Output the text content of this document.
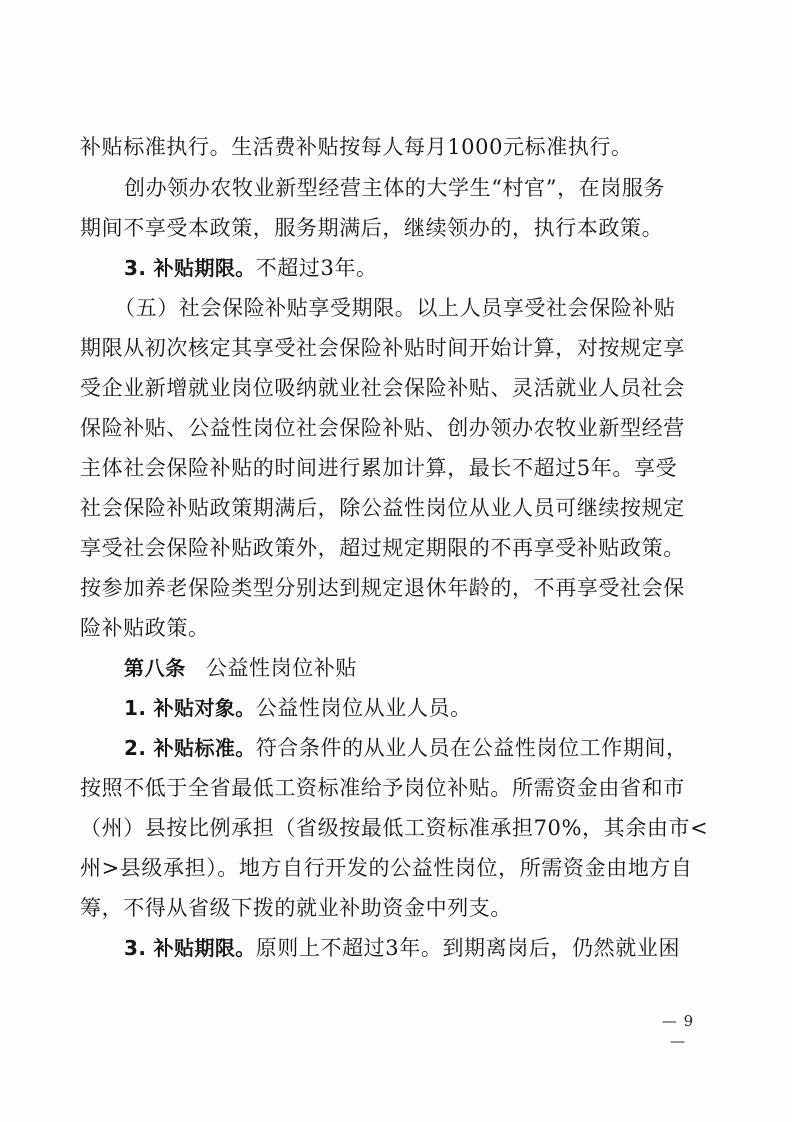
补贴标准执行。生活费补贴按每人每月1000元标准执行。
创办领办农牧业新型经营主体的大学生“村官”，在岗服务
期间不享受本政策，服务期满后，继续领办的，执行本政策。
3. 补贴期限。不超过3年。
（五）社会保险补贴享受期限。以上人员享受社会保险补贴
期限从初次核定其享受社会保险补贴时间开始计算，对按规定享
受企业新增就业岗位吸纳就业社会保险补贴、灵活就业人员社会
保险补贴、公益性岗位社会保险补贴、创办领办农牧业新型经营
主体社会保险补贴的时间进行累加计算，最长不超过5年。享受
社会保险补贴政策期满后，除公益性岗位从业人员可继续按规定
享受社会保险补贴政策外，超过规定期限的不再享受补贴政策。
按参加养老保险类型分别达到规定退休年龄的，不再享受社会保
险补贴政策。
第八条 公益性岗位补贴
1. 补贴对象。公益性岗位从业人员。
2. 补贴标准。符合条件的从业人员在公益性岗位工作期间，
按照不低于全省最低工资标准给予岗位补贴。所需资金由省和市
（州）县按比例承担（省级按最低工资标准承担70%，其余由市<
州>县级承担）。地方自行开发的公益性岗位，所需资金由地方自
筹，不得从省级下拨的就业补助资金中列支。
3. 补贴期限。原则上不超过3年。到期离岗后，仍然就业困
— 9 —
